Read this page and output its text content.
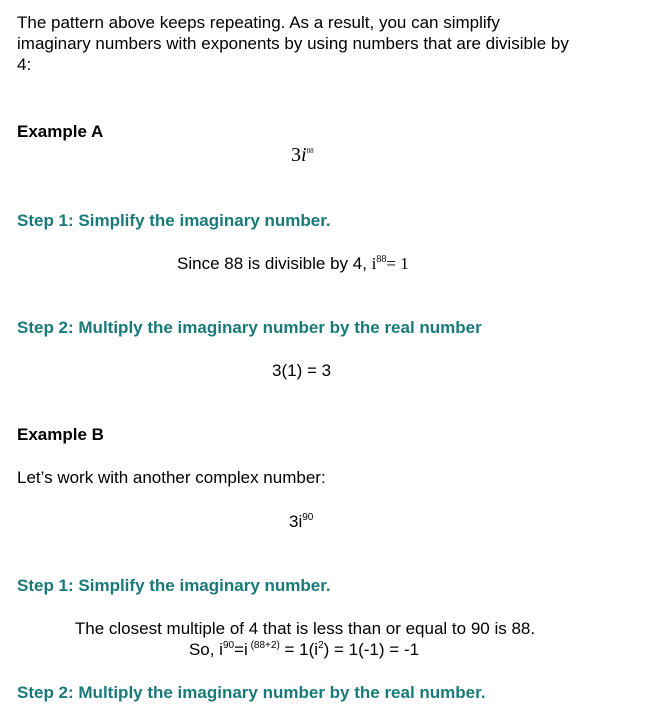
The pattern above keeps repeating. As a result, you can simplify imaginary numbers with exponents by using numbers that are divisible by 4:
Example A
$3i^{88}$
Step 1: Simplify the imaginary number.
Since 88 is divisible by 4, $i^{88}= 1$
Step 2: Multiply the imaginary number by the real number
3(1) = 3
Example B
Let’s work with another complex number:
$3i^{90}$
Step 1: Simplify the imaginary number.
The closest multiple of 4 that is less than or equal to 90 is 88.
So, $i^{90}=i$ $^{(88+2)} = 1(i^2) = 1(-1) = -1$
Step 2: Multiply the imaginary number by the real number.
